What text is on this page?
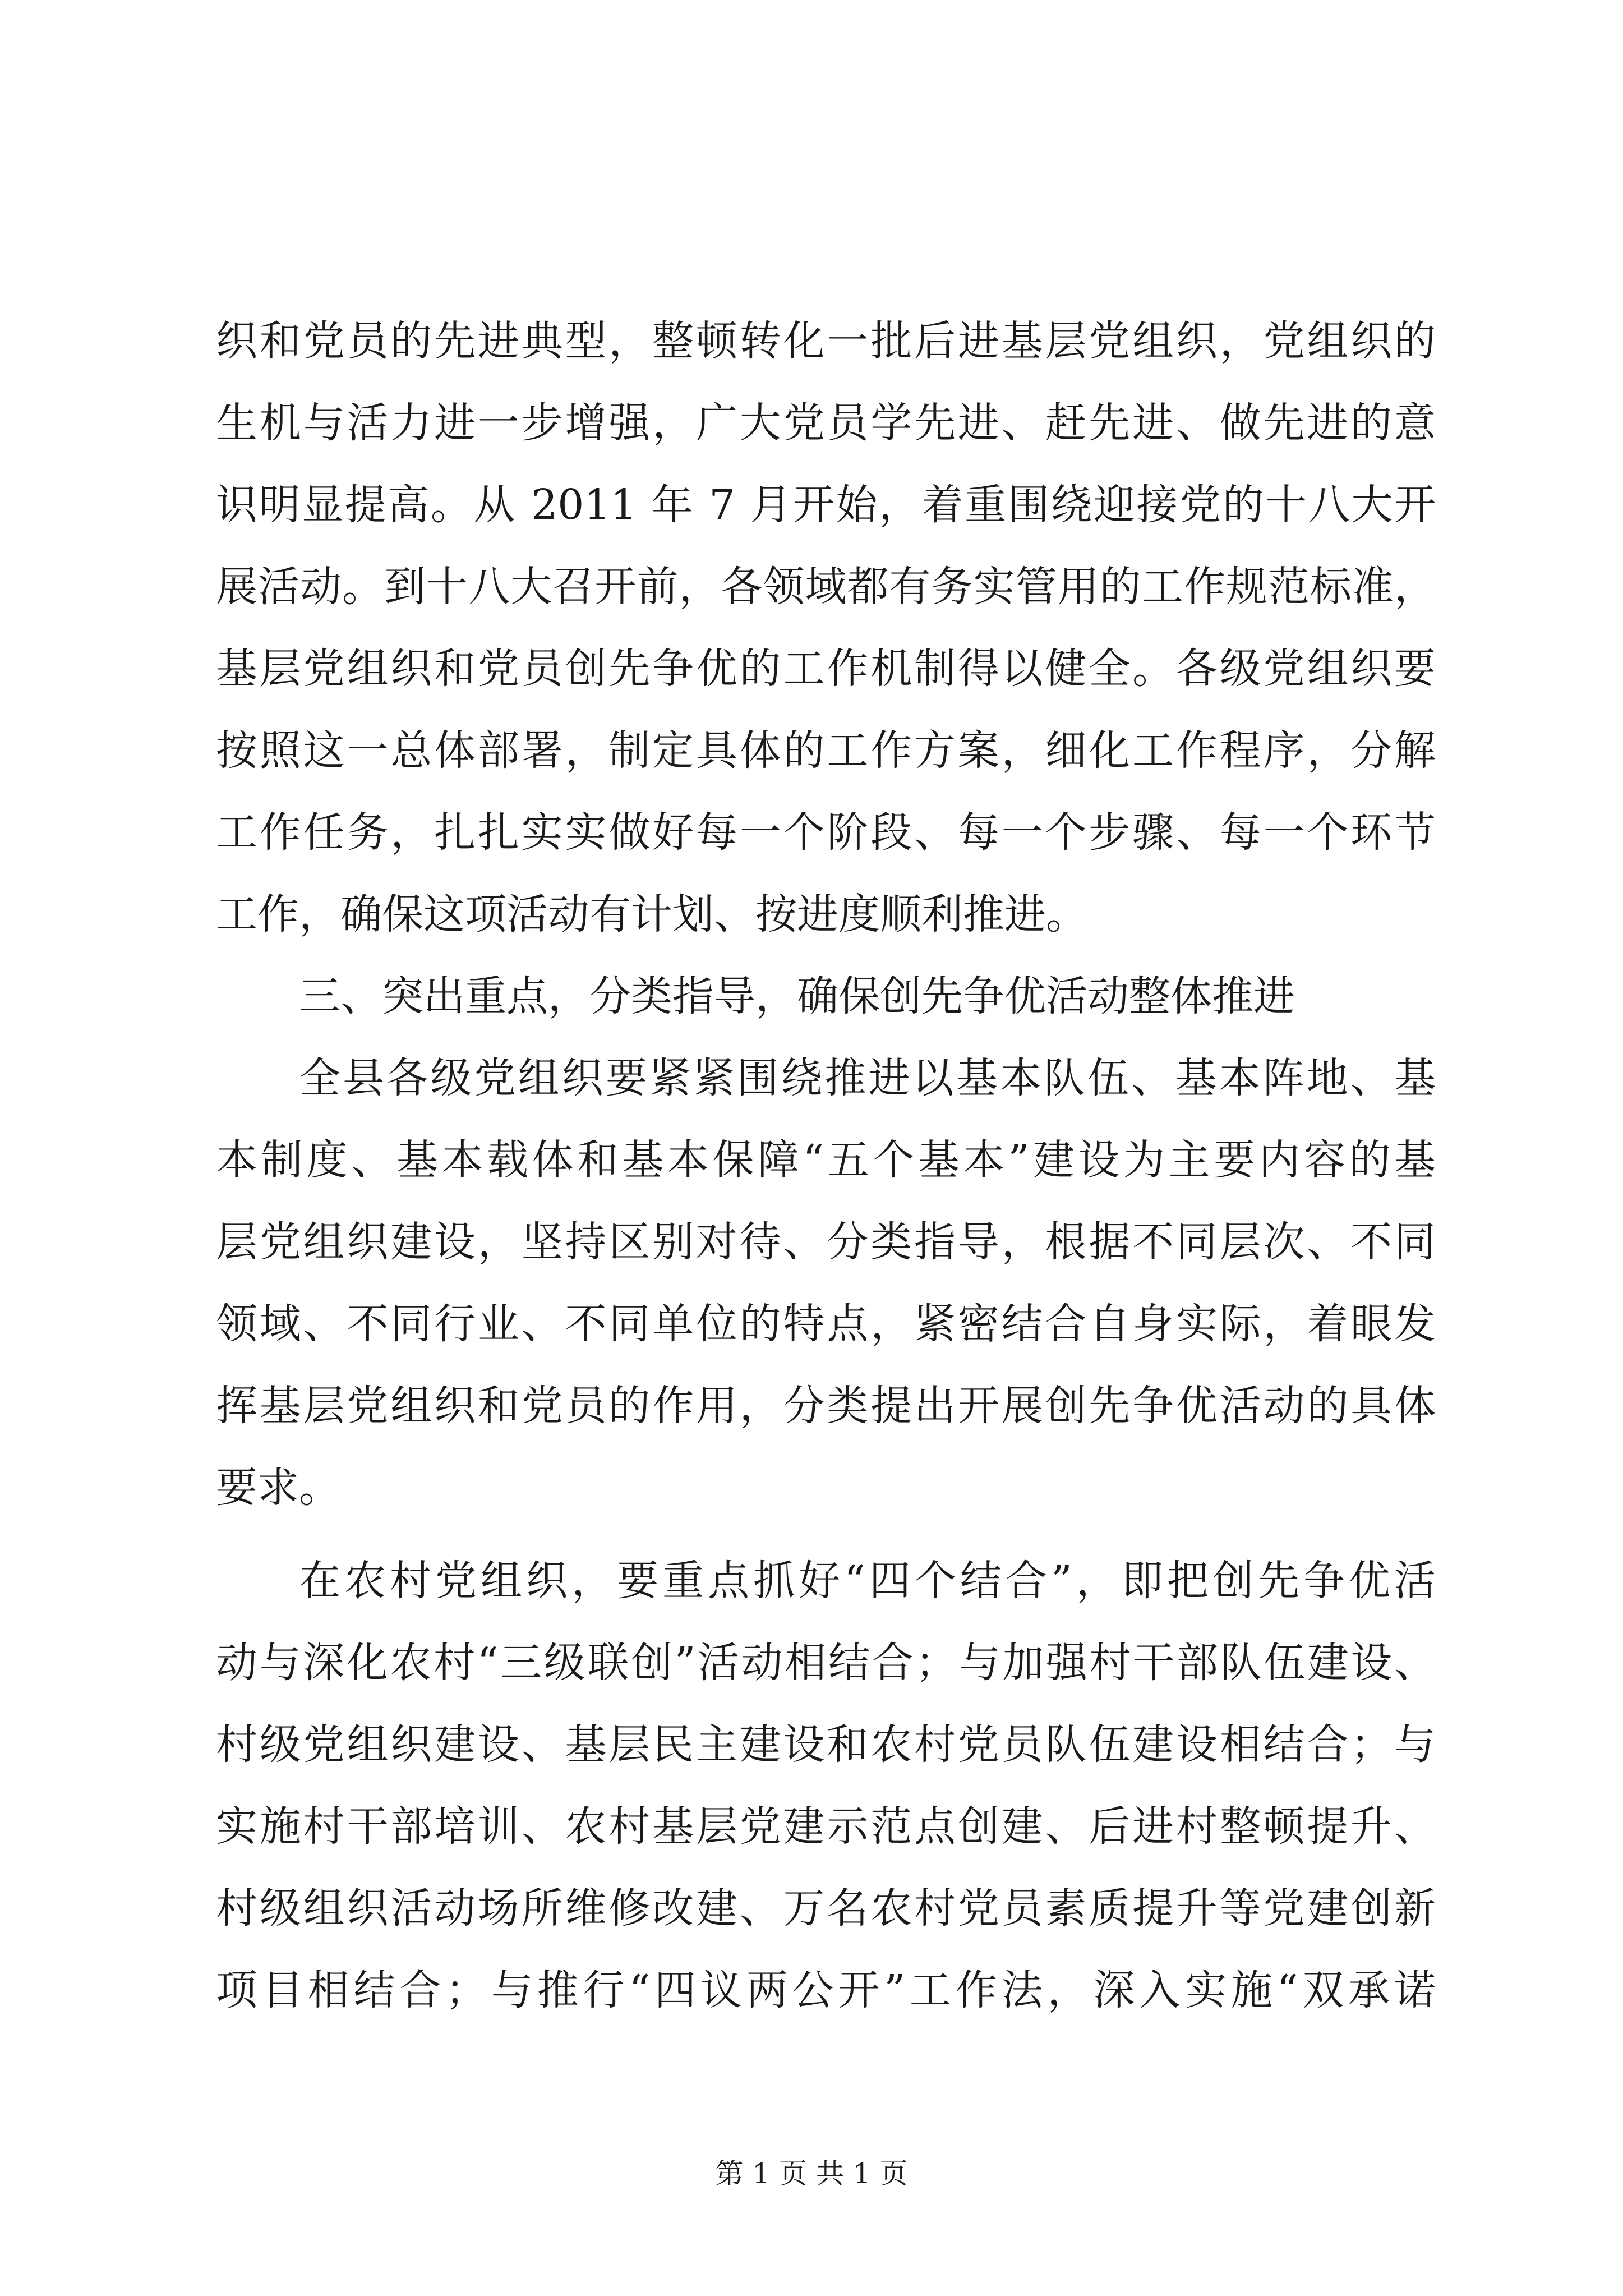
织和党员的先进典型，整顿转化一批后进基层党组织，党组织的
生机与活力进一步增强，广大党员学先进、赶先进、做先进的意
识明显提高。从 2011 年 7 月开始，着重围绕迎接党的十八大开
展活动。到十八大召开前，各领域都有务实管用的工作规范标准，
基层党组织和党员创先争优的工作机制得以健全。各级党组织要
按照这一总体部署，制定具体的工作方案，细化工作程序，分解
工作任务，扎扎实实做好每一个阶段、每一个步骤、每一个环节
工作，确保这项活动有计划、按进度顺利推进。
三、突出重点，分类指导，确保创先争优活动整体推进
全县各级党组织要紧紧围绕推进以基本队伍、基本阵地、基
本制度、基本载体和基本保障“五个基本”建设为主要内容的基
层党组织建设，坚持区别对待、分类指导，根据不同层次、不同
领域、不同行业、不同单位的特点，紧密结合自身实际，着眼发
挥基层党组织和党员的作用，分类提出开展创先争优活动的具体
要求。
在农村党组织，要重点抓好“四个结合”，即把创先争优活
动与深化农村“三级联创”活动相结合；与加强村干部队伍建设、
村级党组织建设、基层民主建设和农村党员队伍建设相结合；与
实施村干部培训、农村基层党建示范点创建、后进村整顿提升、
村级组织活动场所维修改建、万名农村党员素质提升等党建创新
项目相结合；与推行“四议两公开”工作法，深入实施“双承诺
第 1 页 共 1 页
